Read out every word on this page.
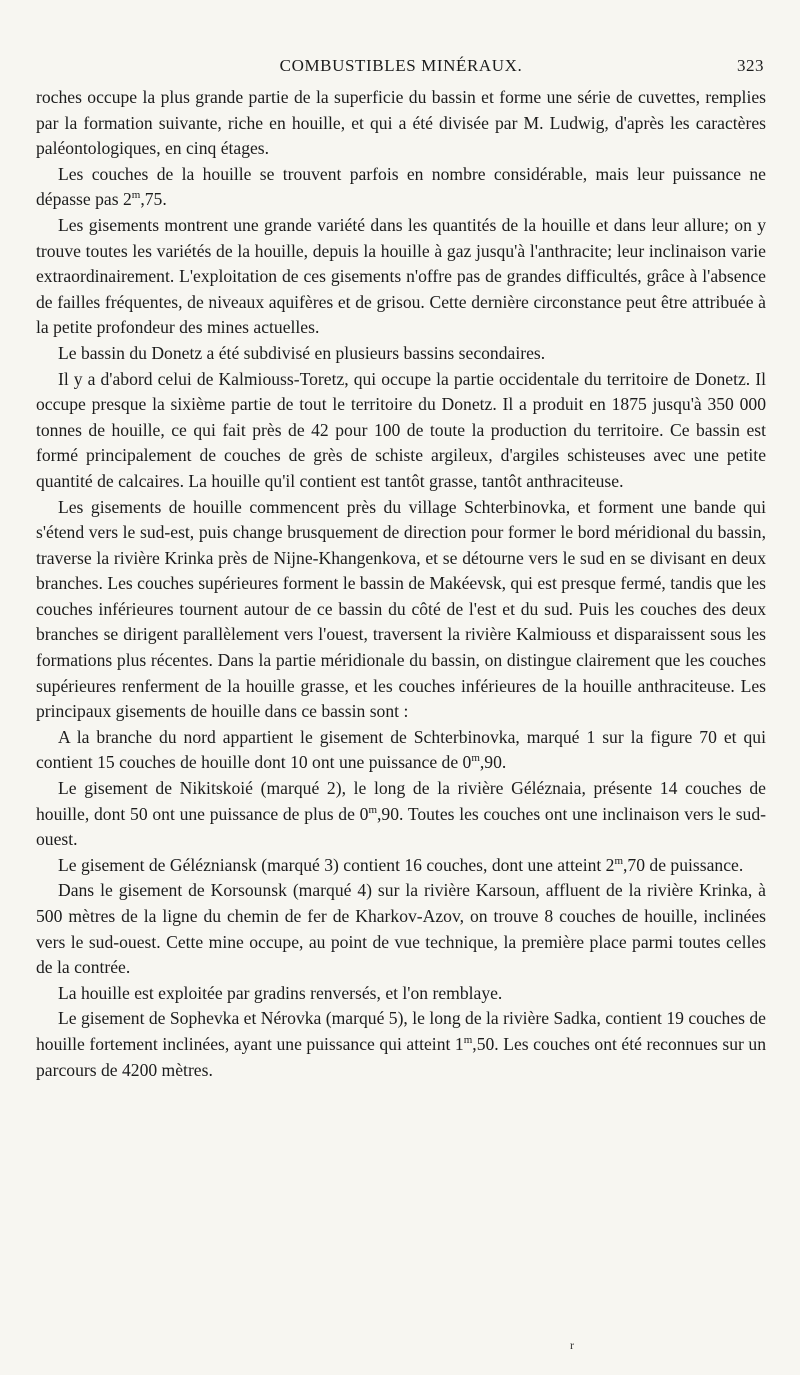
COMBUSTIBLES MINÉRAUX.	323

roches occupe la plus grande partie de la superficie du bassin et forme une série de cuvettes, remplies par la formation suivante, riche en houille, et qui a été divisée par M. Ludwig, d'après les caractères paléontologiques, en cinq étages.

Les couches de la houille se trouvent parfois en nombre considérable, mais leur puissance ne dépasse pas 2$^m$,75.

Les gisements montrent une grande variété dans les quantités de la houille et dans leur allure; on y trouve toutes les variétés de la houille, depuis la houille à gaz jusqu'à l'anthracite; leur inclinaison varie extraordinairement. L'exploitation de ces gisements n'offre pas de grandes difficultés, grâce à l'absence de failles fréquentes, de niveaux aquifères et de grisou. Cette dernière circonstance peut être attribuée à la petite profondeur des mines actuelles.

Le bassin du Donetz a été subdivisé en plusieurs bassins secondaires.

Il y a d'abord celui de Kalmiouss-Toretz, qui occupe la partie occidentale du territoire de Donetz. Il occupe presque la sixième partie de tout le territoire du Donetz. Il a produit en 1875 jusqu'à 350 000 tonnes de houille, ce qui fait près de 42 pour 100 de toute la production du territoire. Ce bassin est formé principalement de couches de grès de schiste argileux, d'argiles schisteuses avec une petite quantité de calcaires. La houille qu'il contient est tantôt grasse, tantôt anthraciteuse.

Les gisements de houille commencent près du village Schterbinovka, et forment une bande qui s'étend vers le sud-est, puis change brusquement de direction pour former le bord méridional du bassin, traverse la rivière Krinka près de Nijne-Khangenkova, et se détourne vers le sud en se divisant en deux branches. Les couches supérieures forment le bassin de Makéevsk, qui est presque fermé, tandis que les couches inférieures tournent autour de ce bassin du côté de l'est et du sud. Puis les couches des deux branches se dirigent parallèlement vers l'ouest, traversent la rivière Kalmiouss et disparaissent sous les formations plus récentes. Dans la partie méridionale du bassin, on distingue clairement que les couches supérieures renferment de la houille grasse, et les couches inférieures de la houille anthraciteuse. Les principaux gisements de houille dans ce bassin sont :

A la branche du nord appartient le gisement de Schterbinovka, marqué 1 sur la figure 70 et qui contient 15 couches de houille dont 10 ont une puissance de 0$^m$,90.

Le gisement de Nikitskoié (marqué 2), le long de la rivière Géléznaia, présente 14 couches de houille, dont 50 ont une puissance de plus de 0$^m$,90. Toutes les couches ont une inclinaison vers le sud-ouest.

Le gisement de Gélézniansk (marqué 3) contient 16 couches, dont une atteint 2$^m$,70 de puissance.

Dans le gisement de Korsounsk (marqué 4) sur la rivière Karsoun, affluent de la rivière Krinka, à 500 mètres de la ligne du chemin de fer de Kharkov-Azov, on trouve 8 couches de houille, inclinées vers le sud-ouest. Cette mine occupe, au point de vue technique, la première place parmi toutes celles de la contrée.

La houille est exploitée par gradins renversés, et l'on remblaye.

Le gisement de Sophevka et Nérovka (marqué 5), le long de la rivière Sadka, contient 19 couches de houille fortement inclinées, ayant une puissance qui atteint 1$^m$,50. Les couches ont été reconnues sur un parcours de 4200 mètres.

r
